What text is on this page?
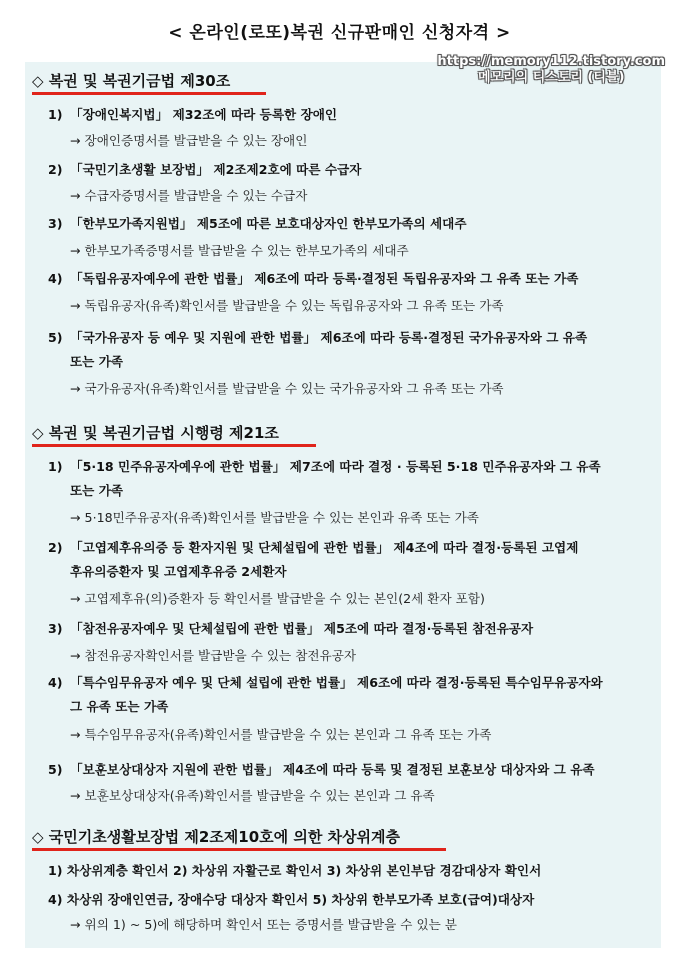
< 온라인(로또)복권 신규판매인 신청자격 >
https://memory112.tistory.com
메모리의 티스토리 (티블)
◇ 복권 및 복권기금법 제30조
1) 「장애인복지법」 제32조에 따라 등록한 장애인
→ 장애인증명서를 발급받을 수 있는 장애인
2) 「국민기초생활 보장법」 제2조제2호에 따른 수급자
→ 수급자증명서를 발급받을 수 있는 수급자
3) 「한부모가족지원법」 제5조에 따른 보호대상자인 한부모가족의 세대주
→ 한부모가족증명서를 발급받을 수 있는 한부모가족의 세대주
4) 「독립유공자예우에 관한 법률」 제6조에 따라 등록·결정된 독립유공자와 그 유족 또는 가족
→ 독립유공자(유족)확인서를 발급받을 수 있는 독립유공자와 그 유족 또는 가족
5) 「국가유공자 등 예우 및 지원에 관한 법률」 제6조에 따라 등록·결정된 국가유공자와 그 유족
또는 가족
→ 국가유공자(유족)확인서를 발급받을 수 있는 국가유공자와 그 유족 또는 가족
◇ 복권 및 복권기금법 시행령 제21조
1) 「5·18 민주유공자예우에 관한 법률」 제7조에 따라 결정 · 등록된 5·18 민주유공자와 그 유족
또는 가족
→ 5·18민주유공자(유족)확인서를 발급받을 수 있는 본인과 유족 또는 가족
2) 「고엽제후유의증 등 환자지원 및 단체설립에 관한 법률」 제4조에 따라 결정·등록된 고엽제
후유의증환자 및 고엽제후유증 2세환자
→ 고엽제후유(의)증환자 등 확인서를 발급받을 수 있는 본인(2세 환자 포함)
3) 「참전유공자예우 및 단체설립에 관한 법률」 제5조에 따라 결정·등록된 참전유공자
→ 참전유공자확인서를 발급받을 수 있는 참전유공자
4) 「특수임무유공자 예우 및 단체 설립에 관한 법률」 제6조에 따라 결정·등록된 특수임무유공자와
그 유족 또는 가족
→ 특수임무유공자(유족)확인서를 발급받을 수 있는 본인과 그 유족 또는 가족
5) 「보훈보상대상자 지원에 관한 법률」 제4조에 따라 등록 및 결정된 보훈보상 대상자와 그 유족
→ 보훈보상대상자(유족)확인서를 발급받을 수 있는 본인과 그 유족
◇ 국민기초생활보장법 제2조제10호에 의한 차상위계층
1) 차상위계층 확인서 2) 차상위 자활근로 확인서 3) 차상위 본인부담 경감대상자 확인서
4) 차상위 장애인연금, 장애수당 대상자 확인서 5) 차상위 한부모가족 보호(급여)대상자
→ 위의 1) ~ 5)에 해당하며 확인서 또는 증명서를 발급받을 수 있는 분
